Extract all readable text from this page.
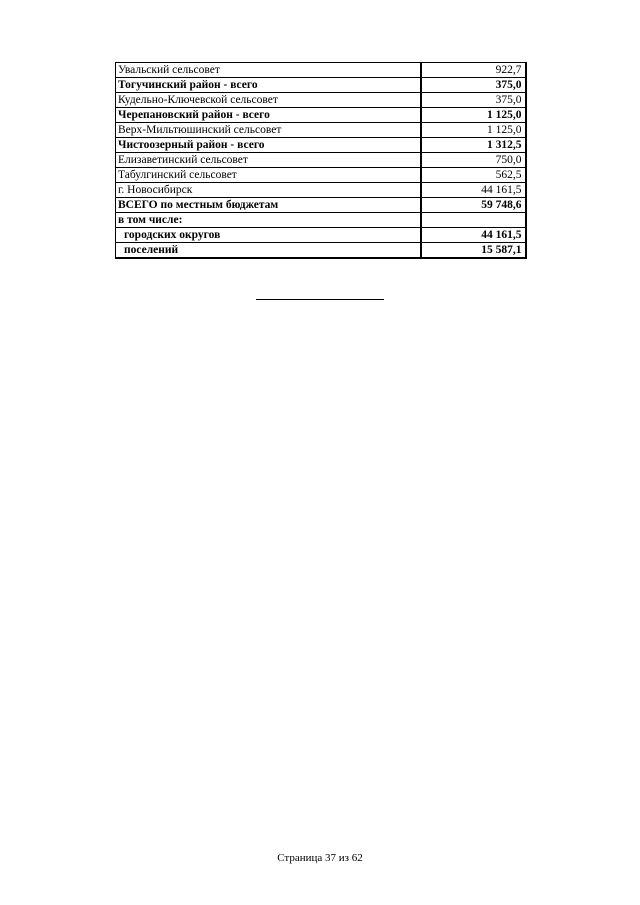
Увальский сельсовет	922,7
Тогучинский район - всего	375,0
Кудельно-Ключевской сельсовет	375,0
Черепановский район - всего	1 125,0
Верх-Мильтюшинский сельсовет	1 125,0
Чистоозерный район - всего	1 312,5
Елизаветинский сельсовет	750,0
Табулгинский сельсовет	562,5
г. Новосибирск	44 161,5
ВСЕГО по местным бюджетам	59 748,6
в том числе:	
городских округов	44 161,5
поселений	15 587,1
Страница 37 из 62
